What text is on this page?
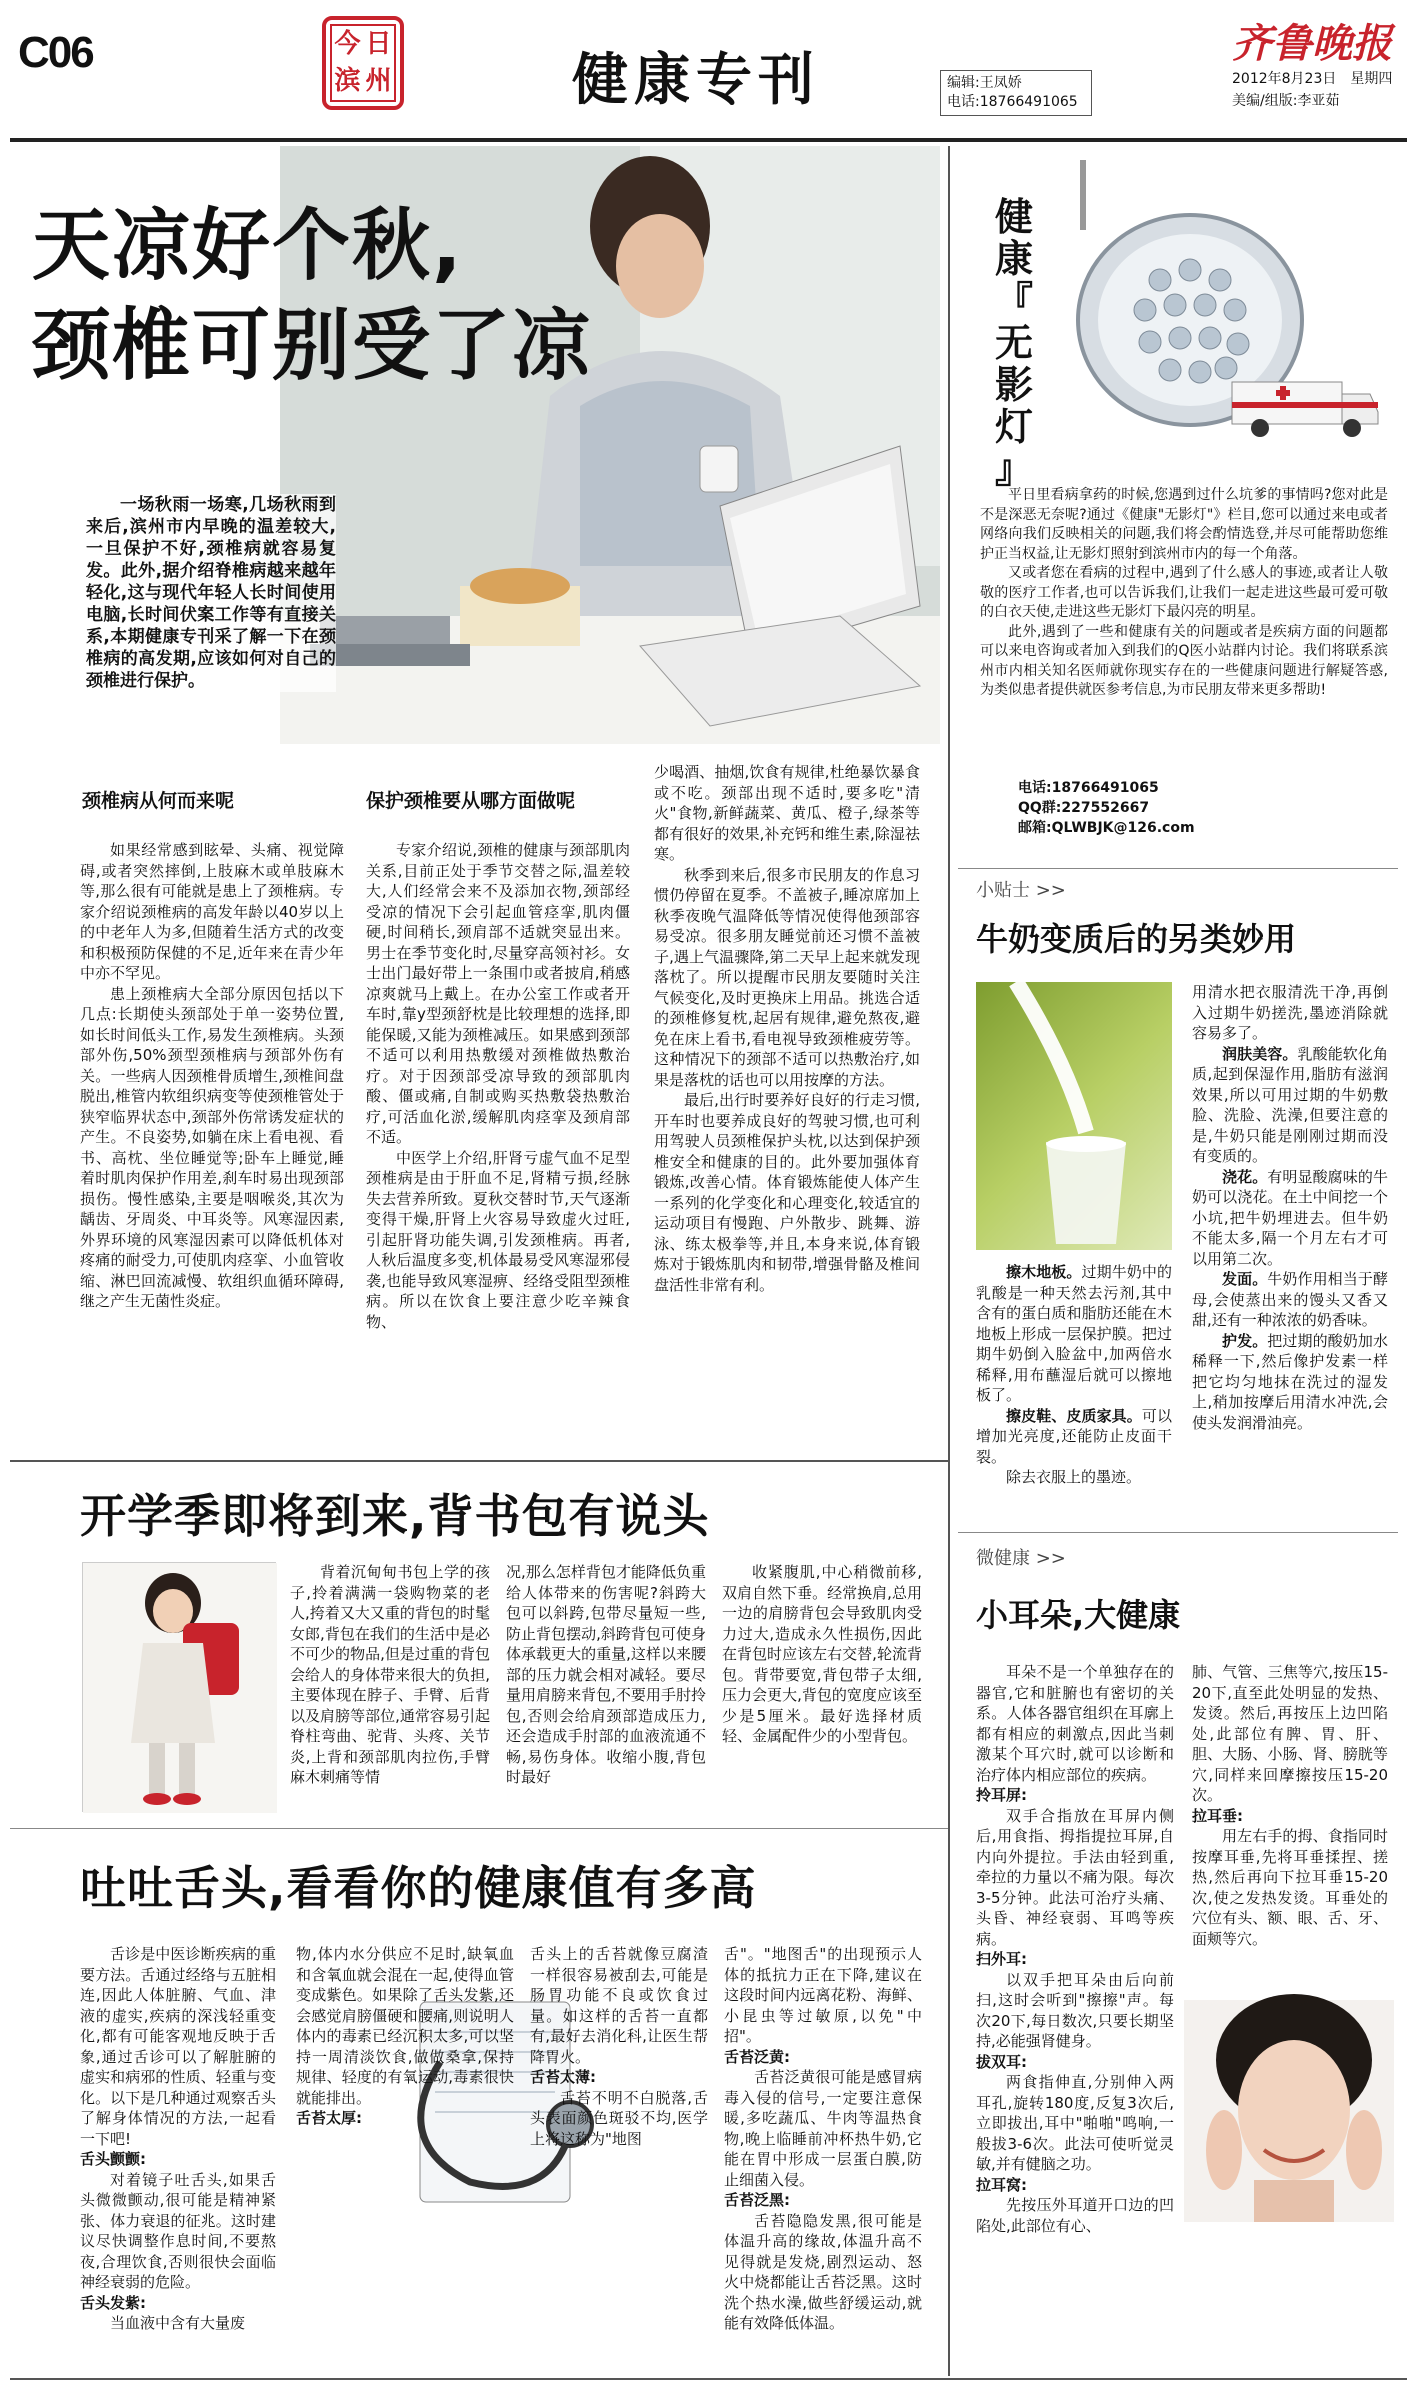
C06	今 日
滨 州	健康专刊	编辑:王凤娇
电话:18766491065
齐鲁晚报
2012年8月23日　星期四
美编/组版:李亚茹
天凉好个秋,
颈椎可别受了凉
一场秋雨一场寒,几场秋雨到来后,滨州市内早晚的温差较大,一旦保护不好,颈椎病就容易复发。此外,据介绍脊椎病越来越年轻化,这与现代年轻人长时间使用电脑,长时间伏案工作等有直接关系,本期健康专刊采了解一下在颈椎病的高发期,应该如何对自己的颈椎进行保护。
颈椎病从何而来呢	保护颈椎要从哪方面做呢

如果经常感到眩晕、头痛、视觉障碍,或者突然摔倒,上肢麻木或单肢麻木等,那么很有可能就是患上了颈椎病。专家介绍说颈椎病的高发年龄以40岁以上的中老年人为多,但随着生活方式的改变和积极预防保健的不足,近年来在青少年中亦不罕见。

患上颈椎病大全部分原因包括以下几点:长期使头颈部处于单一姿势位置,如长时间低头工作,易发生颈椎病。头颈部外伤,50%颈型颈椎病与颈部外伤有关。一些病人因颈椎骨质增生,颈椎间盘脱出,椎管内软组织病变等使颈椎管处于狭窄临界状态中,颈部外伤常诱发症状的产生。不良姿势,如躺在床上看电视、看书、高枕、坐位睡觉等;卧车上睡觉,睡着时肌肉保护作用差,刹车时易出现颈部损伤。慢性感染,主要是咽喉炎,其次为龋齿、牙周炎、中耳炎等。风寒湿因素,外界环境的风寒湿因素可以降低机体对疼痛的耐受力,可使肌肉痉挛、小血管收缩、淋巴回流减慢、软组织血循环障碍,继之产生无菌性炎症。

专家介绍说,颈椎的健康与颈部肌肉关系,目前正处于季节交替之际,温差较大,人们经常会来不及添加衣物,颈部经受凉的情况下会引起血管痉挛,肌肉僵硬,时间稍长,颈肩部不适就突显出来。男士在季节变化时,尽量穿高领衬衫。女士出门最好带上一条围巾或者披肩,稍感凉爽就马上戴上。在办公室工作或者开车时,靠y型颈舒枕是比较理想的选择,即能保暖,又能为颈椎减压。如果感到颈部不适可以利用热敷缓对颈椎做热敷治疗。对于因颈部受凉导致的颈部肌肉酸、僵或痛,自制或购买热敷袋热敷治疗,可活血化淤,缓解肌肉痉挛及颈肩部不适。

中医学上介绍,肝肾亏虚气血不足型颈椎病是由于肝血不足,肾精亏损,经脉失去营养所致。夏秋交替时节,天气逐渐变得干燥,肝肾上火容易导致虚火过旺,引起肝肾功能失调,引发颈椎病。再者,人秋后温度多变,机体最易受风寒湿邪侵袭,也能导致风寒湿痹、经络受阻型颈椎病。所以在饮食上要注意少吃辛辣食物、

少喝酒、抽烟,饮食有规律,杜绝暴饮暴食或不吃。颈部出现不适时,要多吃"清火"食物,新鲜蔬菜、黄瓜、橙子,绿茶等都有很好的效果,补充钙和维生素,除湿祛寒。

秋季到来后,很多市民朋友的作息习惯仍停留在夏季。不盖被子,睡凉席加上秋季夜晚气温降低等情况使得他颈部容易受凉。很多朋友睡觉前还习惯不盖被子,遇上气温骤降,第二天早上起来就发现落枕了。所以提醒市民朋友要随时关注气候变化,及时更换床上用品。挑选合适的颈椎修复枕,起居有规律,避免熬夜,避免在床上看书,看电视导致颈椎疲劳等。这种情况下的颈部不适可以热敷治疗,如果是落枕的话也可以用按摩的方法。

最后,出行时要养好良好的行走习惯,开车时也要养成良好的驾驶习惯,也可利用驾驶人员颈椎保护头枕,以达到保护颈椎安全和健康的目的。此外要加强体育锻炼,改善心情。体育锻炼能使人体产生一系列的化学变化和心理变化,较适宜的运动项目有慢跑、户外散步、跳舞、游泳、练太极拳等,并且,本身来说,体育锻炼对于锻炼肌肉和韧带,增强骨骼及椎间盘活性非常有利。

健
康
『
无
影
灯
』

平日里看病拿药的时候,您遇到过什么坑爹的事情吗?您对此是不是深恶无奈呢?通过《健康"无影灯"》栏目,您可以通过来电或者网络向我们反映相关的问题,我们将会酌情选登,并尽可能帮助您维护正当权益,让无影灯照射到滨州市内的每一个角落。

又或者您在看病的过程中,遇到了什么感人的事迹,或者让人敬敬的医疗工作者,也可以告诉我们,让我们一起走进这些最可爱可敬的白衣天使,走进这些无影灯下最闪亮的明星。

此外,遇到了一些和健康有关的问题或者是疾病方面的问题都可以来电咨询或者加入到我们的Q医小站群内讨论。我们将联系滨州市内相关知名医师就你现实存在的一些健康问题进行解疑答惑,为类似患者提供就医参考信息,为市民朋友带来更多帮助!

电话:18766491065
QQ群:227552667
邮箱:QLWBJK@126.com
小贴士 >>
牛奶变质后的另类妙用

用清水把衣服清洗干净,再倒入过期牛奶搓洗,墨迹消除就容易多了。

润肤美容。乳酸能软化角质,起到保湿作用,脂肪有滋润效果,所以可用过期的牛奶敷脸、洗脸、洗澡,但要注意的是,牛奶只能是刚刚过期而没有变质的。

浇花。有明显酸腐味的牛奶可以浇花。在土中间挖一个小坑,把牛奶埋进去。但牛奶不能太多,隔一个月左右才可以用第二次。

发面。牛奶作用相当于酵母,会使蒸出来的馒头又香又甜,还有一种浓浓的奶香味。

护发。把过期的酸奶加水稀释一下,然后像护发素一样把它均匀地抹在洗过的湿发上,稍加按摩后用清水冲洗,会使头发润滑油亮。

擦木地板。过期牛奶中的乳酸是一种天然去污剂,其中含有的蛋白质和脂肪还能在木地板上形成一层保护膜。把过期牛奶倒入脸盆中,加两倍水稀释,用布蘸湿后就可以擦地板了。

擦皮鞋、皮质家具。可以增加光亮度,还能防止皮面干裂。

除去衣服上的墨迹。

开学季即将到来,背书包有说头
背着沉甸甸书包上学的孩子,拎着满满一袋购物菜的老人,挎着又大又重的背包的时髦女郎,背包在我们的生活中是必不可少的物品,但是过重的背包会给人的身体带来很大的负担,主要体现在脖子、手臂、后背以及肩膀等部位,通常容易引起脊柱弯曲、驼背、头疼、关节炎,上背和颈部肌肉拉伤,手臂麻木刺痛等情
况,那么怎样背包才能降低负重给人体带来的伤害呢?斜跨大包可以斜跨,包带尽量短一些,防止背包摆动,斜跨背包可使身体承载更大的重量,这样以来腰部的压力就会相对减轻。要尽量用肩膀来背包,不要用手肘拎包,否则会给肩颈部造成压力,还会造成手肘部的血液流通不畅,易伤身体。收缩小腹,背包时最好
收紧腹肌,中心稍微前移,双肩自然下垂。经常换肩,总用一边的肩膀背包会导致肌肉受力过大,造成永久性损伤,因此在背包时应该左右交替,轮流背包。背带要宽,背包带子太细,压力会更大,背包的宽度应该至少是5厘米。最好选择材质轻、金属配件少的小型背包。
吐吐舌头,看看你的健康值有多高

舌诊是中医诊断疾病的重要方法。舌通过经络与五脏相连,因此人体脏腑、气血、津液的虚实,疾病的深浅轻重变化,都有可能客观地反映于舌象,通过舌诊可以了解脏腑的虚实和病邪的性质、轻重与变化。以下是几种通过观察舌头了解身体情况的方法,一起看一下吧!

舌头颤颤:

对着镜子吐舌头,如果舌头微微颤动,很可能是精神紧张、体力衰退的征兆。这时建议尽快调整作息时间,不要熬夜,合理饮食,否则很快会面临神经衰弱的危险。

舌头发紫:

当血液中含有大量废

物,体内水分供应不足时,缺氧血和含氧血就会混在一起,使得血管变成紫色。如果除了舌头发紫,还会感觉肩膀僵硬和腰痛,则说明人体内的毒素已经沉积太多,可以坚持一周清淡饮食,做做桑拿,保持规律、轻度的有氧运动,毒素很快就能排出。

舌苔太厚:

舌头上的舌苔就像豆腐渣一样很容易被刮去,可能是肠胃功能不良或饮食过量。如这样的舌苔一直都有,最好去消化科,让医生帮降胃火。

舌苔太薄:

舌苔不明不白脱落,舌头表面颜色斑驳不均,医学上将这称为"地图

舌"。"地图舌"的出现预示人体的抵抗力正在下降,建议在这段时间内远离花粉、海鲜、小昆虫等过敏原,以免"中招"。

舌苔泛黄:

舌苔泛黄很可能是感冒病毒入侵的信号,一定要注意保暖,多吃蔬瓜、牛肉等温热食物,晚上临睡前冲杯热牛奶,它能在胃中形成一层蛋白膜,防止细菌入侵。

舌苔泛黑:

舌苔隐隐发黑,很可能是体温升高的缘故,体温升高不见得就是发烧,剧烈运动、怒火中烧都能让舌苔泛黑。这时洗个热水澡,做些舒缓运动,就能有效降低体温。

微健康 >>
小耳朵,大健康

耳朵不是一个单独存在的器官,它和脏腑也有密切的关系。人体各器官组织在耳廓上都有相应的刺激点,因此当刺激某个耳穴时,就可以诊断和治疗体内相应部位的疾病。

拎耳屏:

双手合指放在耳屏内侧后,用食指、拇指提拉耳屏,自内向外提拉。手法由轻到重,牵拉的力量以不痛为限。每次3-5分钟。此法可治疗头痛、头昏、神经衰弱、耳鸣等疾病。

扫外耳:

以双手把耳朵由后向前扫,这时会听到"擦擦"声。每次20下,每日数次,只要长期坚持,必能强肾健身。

拔双耳:

两食指伸直,分别伸入两耳孔,旋转180度,反复3次后,立即拔出,耳中"啪啪"鸣响,一般拔3-6次。此法可使听觉灵敏,并有健脑之功。

拉耳窝:

先按压外耳道开口边的凹陷处,此部位有心、

肺、气管、三焦等穴,按压15-20下,直至此处明显的发热、发烫。然后,再按压上边凹陷处,此部位有脾、胃、肝、胆、大肠、小肠、肾、膀胱等穴,同样来回摩擦按压15-20次。

拉耳垂:

用左右手的拇、食指同时按摩耳垂,先将耳垂揉捏、搓热,然后再向下拉耳垂15-20次,使之发热发烫。耳垂处的穴位有头、额、眼、舌、牙、面颊等穴。
